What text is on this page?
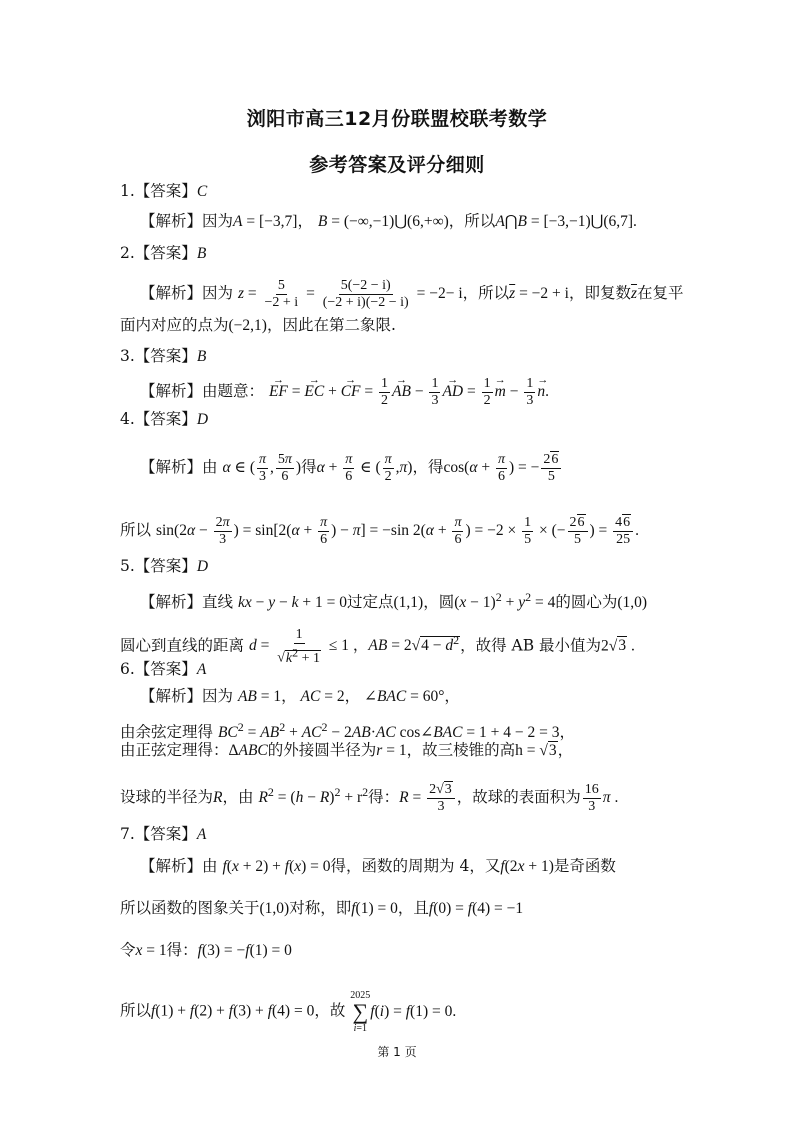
浏阳市高三12月份联盟校联考数学
参考答案及评分细则
1.【答案】C
【解析】因为A = [−3,7]， B = (−∞,−1)⋃(6,+∞)，所以A⋂B = [−3,−1)⋃(6,7].
2.【答案】B
【解析】因为 $z = \frac{5}{-2 + i} = \frac{5(-2 - i)}{(-2 + i)(-2 - i)} = -2- i$，所以$\overline{z} = -2 + i$，即复数$\overline{z}$在复平
面内对应的点为(−2,1)，因此在第二象限.
3.【答案】B
【解析】由题意： → EF = → EC + → CF = $\frac{1}{2}$ → AB − $\frac{1}{3}$ → AD = $\frac{1}{2} \to m - \frac{1}{3} \to n$.
4.【答案】D
【解析】由 α ∈ ( $\frac{\pi}{3}$ , $\frac{5\pi}{6}$ )得$\alpha + \frac{\pi}{6}$ ∈ ( $\frac{\pi}{2} ,\pi$)，得$\cos(\alpha + \frac{\pi}{6}$ ) = − $\frac{26}{5}$
所以 $\sin(2\alpha - \frac{2\pi}{3}$ ) = $\sin[2(\alpha + \frac{\pi}{6}$ ) − π] = −sin $2(\alpha + \frac{\pi}{6}$ ) = $-2 \times \frac{1}{5}$ × (− $\frac{26}{5}$ ) = $\frac{46}{25}$ .
5.【答案】D
【解析】直线 kx − y − k + 1 = 0过定点(1,1)，圆$(x - 1)^2 + y^2 = 4$的圆心为(1,0)
圆心到直线的距离 $d = \frac{1}{√k^2 + 1} \le 1$ ，AB = $2√4 - d^2$，故得 AB 最小值为2√3 .
6.【答案】A
【解析】因为 AB = 1， AC = 2， ∠BAC = 60°，
由余弦定理得 $BC^2 = AB^2 + AC^2 - 2AB\cdot AC$ cos∠BAC = 1 + 4 − 2 = 3，
由正弦定理得：ΔABC的外接圆半径为r = 1，故三棱锥的高h = √3，
设球的半径为R，由 $R^2 = (h - R)^2 + r^2$得：$R = \frac{2√3}{3}$ ，故球的表面积为 $\frac{16}{3}$ π .
7.【答案】A
【解析】由 f(x + 2) + f(x) = 0得，函数的周期为 4，又f(2x + 1)是奇函数
所以函数的图象关于(1,0)对称，即f(1) = 0，且f(0) = f(4) = −1
令x = 1得：f(3) = −f(1) = 0
所以f(1) + f(2) + f(3) + f(4) = 0，故
2025
∑
i=1
f(i) = f(1) = 0.
第 1 页
